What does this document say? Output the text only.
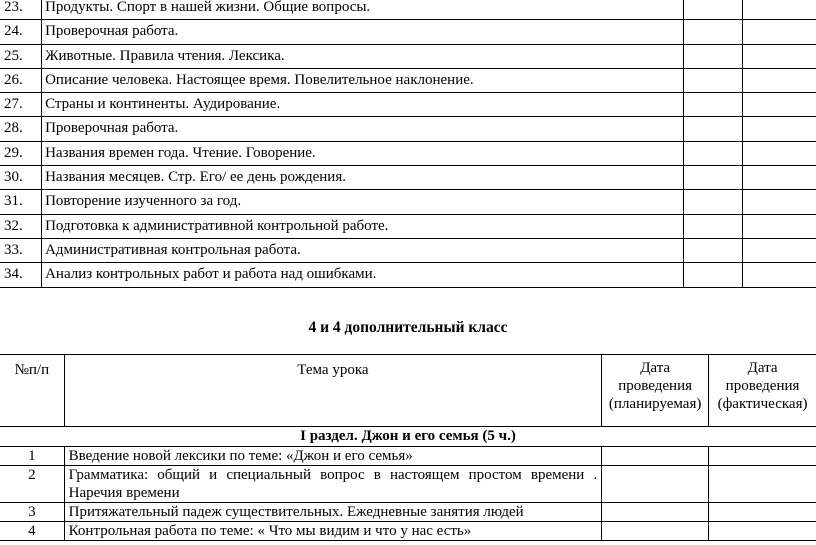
23.	Продукты. Спорт в нашей жизни. Общие вопросы.		
24.	Проверочная работа.		
25.	Животные. Правила чтения. Лексика.		
26.	Описание человека. Настоящее время. Повелительное наклонение.		
27.	Страны и континенты. Аудирование.		
28.	Проверочная работа.		
29.	Названия времен года. Чтение. Говорение.		
30.	Названия месяцев. Стр. Его/ ее день рождения.		
31.	Повторение изученного за год.		
32.	Подготовка к административной контрольной работе.		
33.	Административная контрольная работа.		
34.	Анализ контрольных работ и работа над ошибками.		
4 и 4 дополнительный класс
№п/п	Тема урока	Дата проведения (планируемая)	Дата проведения (фактическая)
I раздел. Джон и его семья (5 ч.)			
1	Введение новой лексики по теме: «Джон и его семья»		
2	Грамматика: общий и специальный вопрос в настоящем простом времени . Наречия времени		
3	Притяжательный падеж существительных. Ежедневные занятия людей		
4	Контрольная работа по теме: « Что мы видим и что у нас есть»		
